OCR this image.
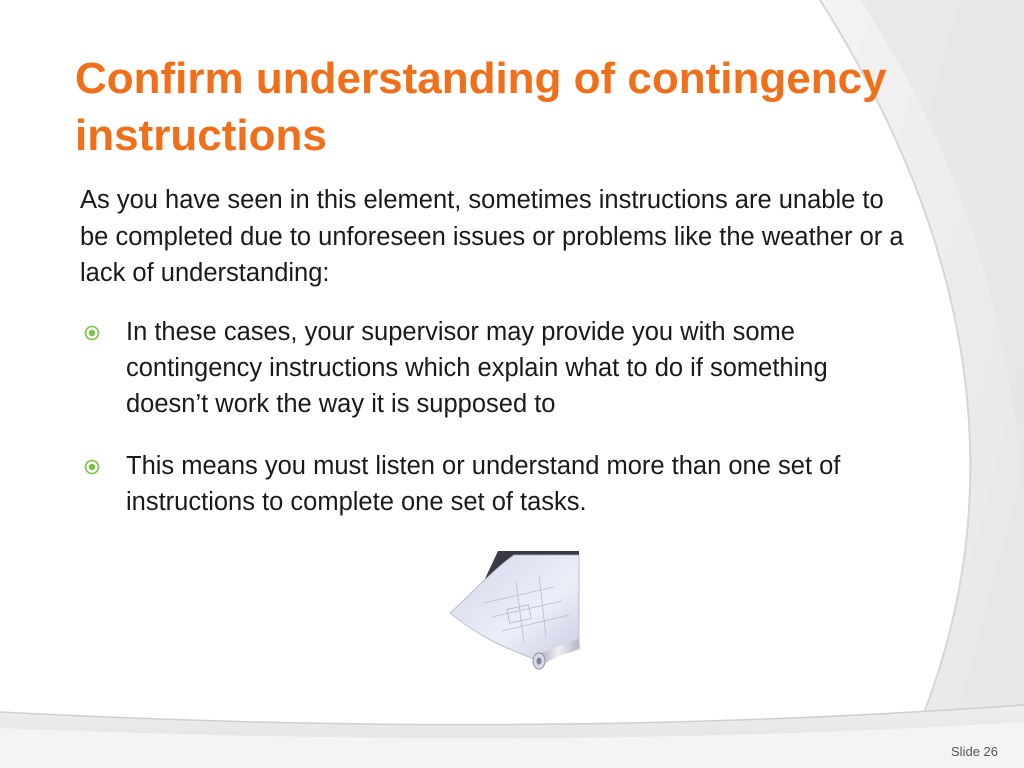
Confirm understanding of contingency instructions
As you have seen in this element, sometimes instructions are unable to be completed due to unforeseen issues or problems like the weather or a lack of understanding:
In these cases, your supervisor may provide you with some contingency instructions which explain what to do if something doesn’t work the way it is supposed to
This means you must listen or understand more than one set of instructions to complete one set of tasks.
Slide 26
